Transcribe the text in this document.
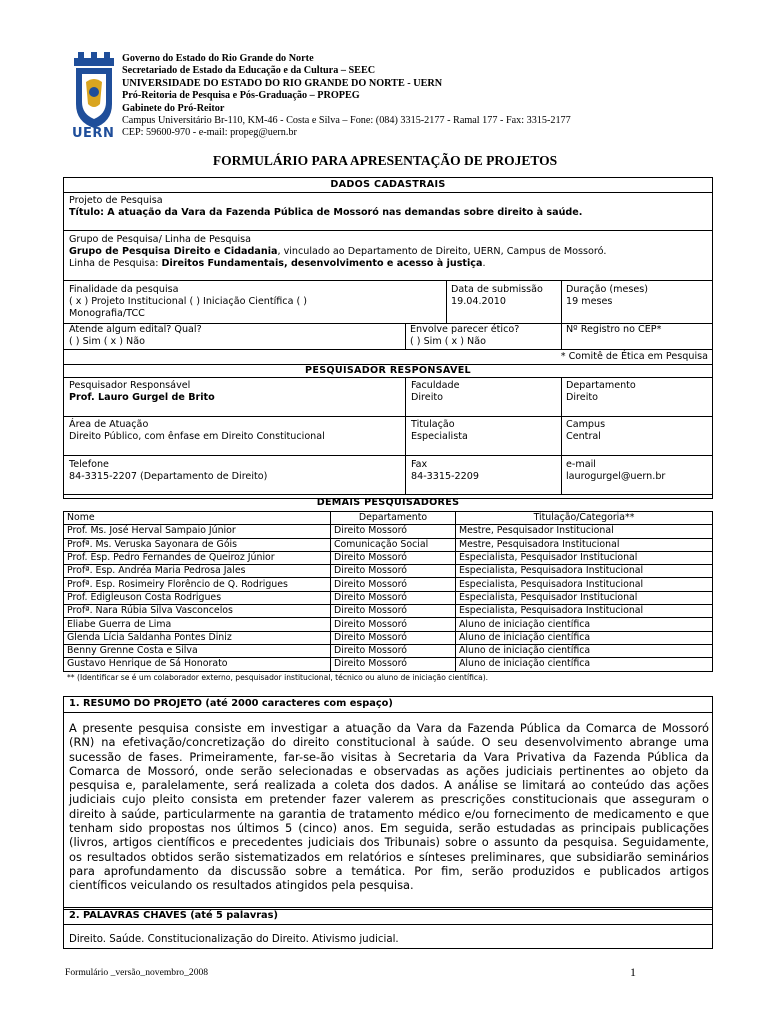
UERN
Governo do Estado do Rio Grande do Norte
Secretariado de Estado da Educação e da Cultura – SEEC
UNIVERSIDADE DO ESTADO DO RIO GRANDE DO NORTE - UERN
Pró-Reitoria de Pesquisa e Pós-Graduação – PROPEG
Gabinete do Pró-Reitor
Campus Universitário Br-110, KM-46 - Costa e Silva – Fone: (084) 3315-2177 - Ramal 177 - Fax: 3315-2177
CEP: 59600-970 - e-mail: propeg@uern.br
FORMULÁRIO PARA APRESENTAÇÃO DE PROJETOS
DADOS CADASTRAIS
Projeto de Pesquisa
Título: A atuação da Vara da Fazenda Pública de Mossoró nas demandas sobre direito à saúde.
Grupo de Pesquisa/ Linha de Pesquisa
Grupo de Pesquisa Direito e Cidadania, vinculado ao Departamento de Direito, UERN, Campus de Mossoró.
Linha de Pesquisa: Direitos Fundamentais, desenvolvimento e acesso à justiça.
Finalidade da pesquisa
( x ) Projeto Institucional ( ) Iniciação Científica ( )
Monografia/TCC
Data de submissão
19.04.2010
Duração (meses)
19 meses
Atende algum edital? Qual?
( ) Sim ( x ) Não
Envolve parecer ético?
( ) Sim ( x ) Não
Nº Registro no CEP*
* Comitê de Ética em Pesquisa
PESQUISADOR RESPONSÁVEL
Pesquisador Responsável
Prof. Lauro Gurgel de Brito
Faculdade
Direito
Departamento
Direito
Área de Atuação
Direito Público, com ênfase em Direito Constitucional
Titulação
Especialista
Campus
Central
Telefone
84-3315-2207 (Departamento de Direito)
Fax
84-3315-2209
e-mail
laurogurgel@uern.br
DEMAIS PESQUISADORES
Nome	Departamento	Titulação/Categoria**
Prof. Ms. José Herval Sampaio Júnior	Direito Mossoró	Mestre, Pesquisador Institucional
Profª. Ms. Veruska Sayonara de Góis	Comunicação Social	Mestre, Pesquisadora Institucional
Prof. Esp. Pedro Fernandes de Queiroz Júnior	Direito Mossoró	Especialista, Pesquisador Institucional
Profª. Esp. Andréa Maria Pedrosa Jales	Direito Mossoró	Especialista, Pesquisadora Institucional
Profª. Esp. Rosimeiry Florêncio de Q. Rodrigues	Direito Mossoró	Especialista, Pesquisadora Institucional
Prof. Edigleuson Costa Rodrigues	Direito Mossoró	Especialista, Pesquisador Institucional
Profª. Nara Rúbia Silva Vasconcelos	Direito Mossoró	Especialista, Pesquisadora Institucional
Eliabe Guerra de Lima	Direito Mossoró	Aluno de iniciação científica
Glenda Lícia Saldanha Pontes Diniz	Direito Mossoró	Aluno de iniciação científica
Benny Grenne Costa e Silva	Direito Mossoró	Aluno de iniciação científica
Gustavo Henrique de Sá Honorato	Direito Mossoró	Aluno de iniciação científica
** (Identificar se é um colaborador externo, pesquisador institucional, técnico ou aluno de iniciação científica).
1. RESUMO DO PROJETO (até 2000 caracteres com espaço)
A presente pesquisa consiste em investigar a atuação da Vara da Fazenda Pública da Comarca de Mossoró
(RN) na efetivação/concretização do direito constitucional à saúde. O seu desenvolvimento abrange uma
sucessão de fases. Primeiramente, far-se-ão visitas à Secretaria da Vara Privativa da Fazenda Pública da
Comarca de Mossoró, onde serão selecionadas e observadas as ações judiciais pertinentes ao objeto da
pesquisa e, paralelamente, será realizada a coleta dos dados. A análise se limitará ao conteúdo das ações
judiciais cujo pleito consista em pretender fazer valerem as prescrições constitucionais que asseguram o
direito à saúde, particularmente na garantia de tratamento médico e/ou fornecimento de medicamento e que
tenham sido propostas nos últimos 5 (cinco) anos. Em seguida, serão estudadas as principais publicações
(livros, artigos científicos e precedentes judiciais dos Tribunais) sobre o assunto da pesquisa. Seguidamente,
os resultados obtidos serão sistematizados em relatórios e sínteses preliminares, que subsidiarão seminários
para aprofundamento da discussão sobre a temática. Por fim, serão produzidos e publicados artigos
científicos veiculando os resultados atingidos pela pesquisa.
2. PALAVRAS CHAVES (até 5 palavras)
Direito. Saúde. Constitucionalização do Direito. Ativismo judicial.
Formulário _versão_novembro_2008	1
